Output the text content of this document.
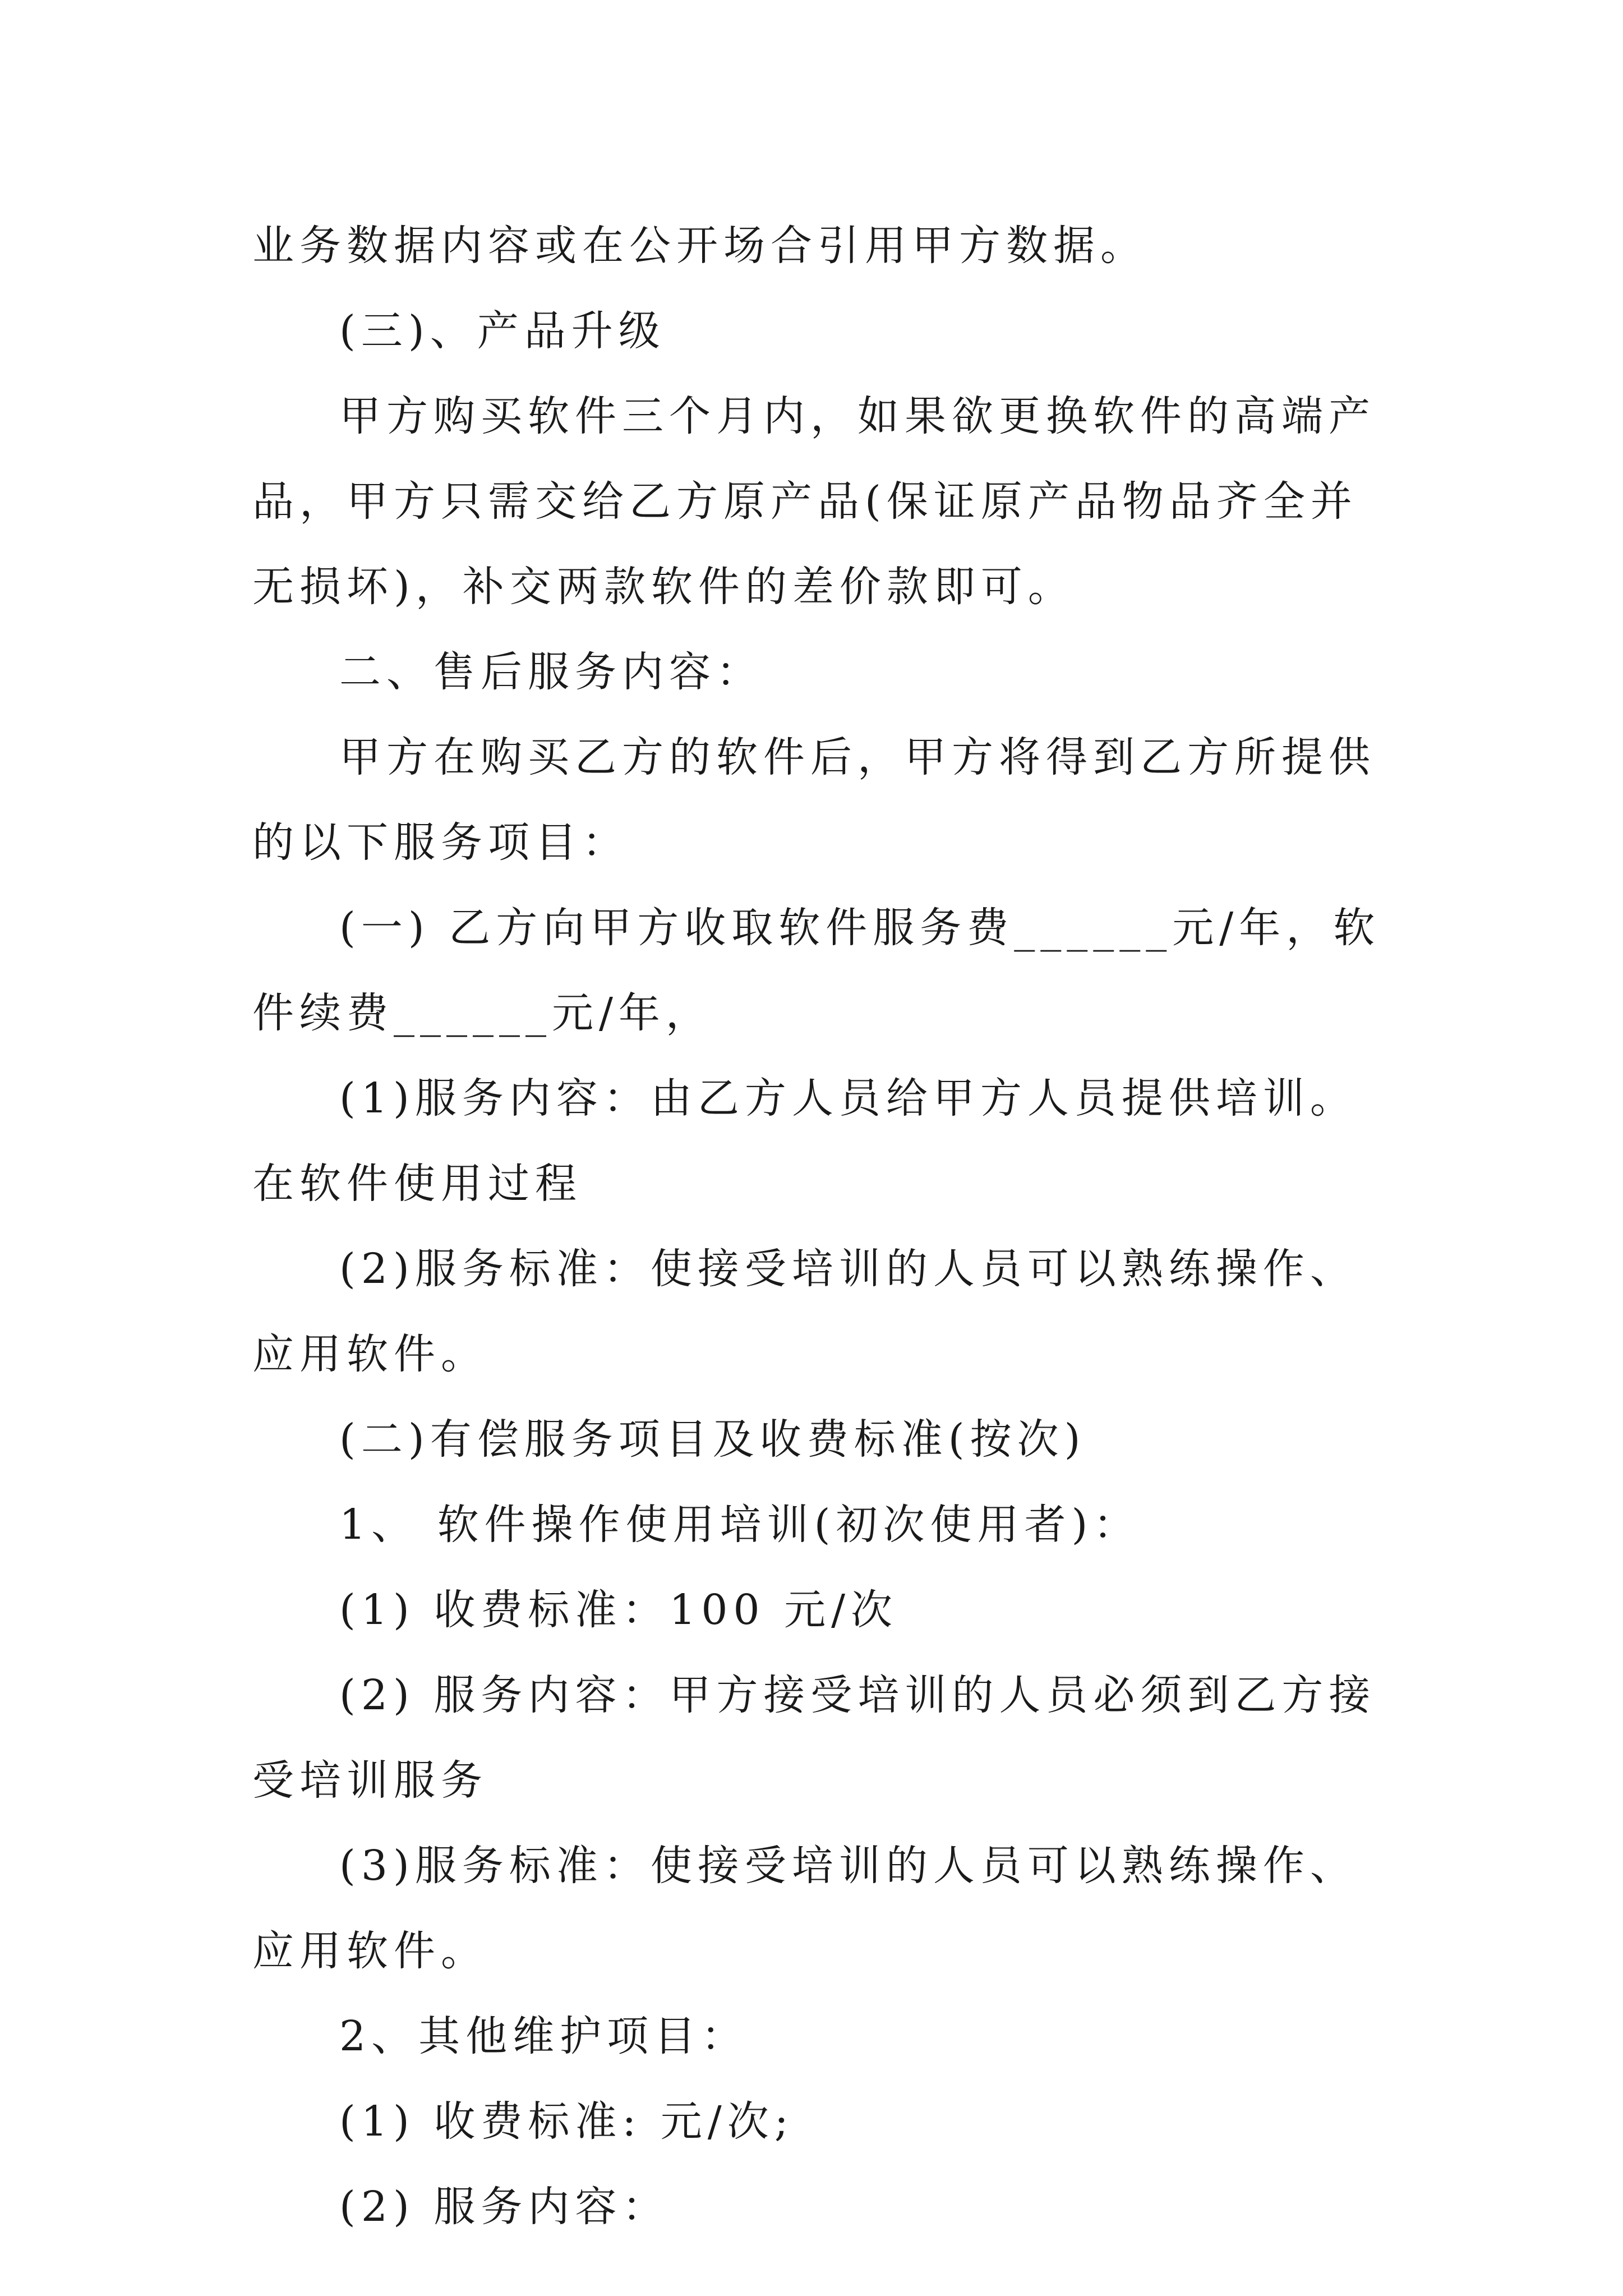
业务数据内容或在公开场合引用甲方数据。

(三)、产品升级

甲方购买软件三个月内，如果欲更换软件的高端产品，甲方只需交给乙方原产品(保证原产品物品齐全并无损坏)，补交两款软件的差价款即可。

二、售后服务内容：

甲方在购买乙方的软件后，甲方将得到乙方所提供的以下服务项目：

(一) 乙方向甲方收取软件服务费______元/年，软件续费______元/年，

(1)服务内容：由乙方人员给甲方人员提供培训。在软件使用过程

(2)服务标准：使接受培训的人员可以熟练操作、应用软件。

(二)有偿服务项目及收费标准(按次)

1、 软件操作使用培训(初次使用者)：

(1) 收费标准：100 元/次

(2) 服务内容：甲方接受培训的人员必须到乙方接受培训服务

(3)服务标准：使接受培训的人员可以熟练操作、应用软件。

2、其他维护项目：

(1) 收费标准: 元/次;

(2) 服务内容：
